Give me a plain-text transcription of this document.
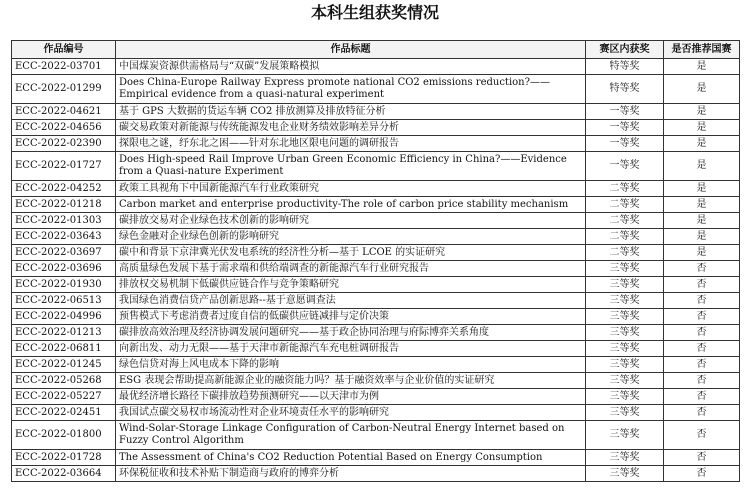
本科生组获奖情况
作品编号	作品标题	赛区内获奖	是否推荐国赛
ECC-2022-03701	中国煤炭资源供需格局与“双碳”发展策略模拟	特等奖	是
ECC-2022-01299	Does China-Europe Railway Express promote national CO2 emissions reduction?——Empirical evidence from a quasi-natural experiment	特等奖	是
ECC-2022-04621	基于 GPS 大数据的货运车辆 CO2 排放测算及排放特征分析	一等奖	是
ECC-2022-04656	碳交易政策对新能源与传统能源发电企业财务绩效影响差异分析	一等奖	是
ECC-2022-02390	探限电之谜，纾东北之困——针对东北地区限电问题的调研报告	一等奖	是
ECC-2022-01727	Does High-speed Rail Improve Urban Green Economic Efficiency in China?——Evidence from a Quasi-nature Experiment	一等奖	是
ECC-2022-04252	政策工具视角下中国新能源汽车行业政策研究	二等奖	是
ECC-2022-01218	Carbon market and enterprise productivity-The role of carbon price stability mechanism	二等奖	是
ECC-2022-01303	碳排放交易对企业绿色技术创新的影响研究	二等奖	是
ECC-2022-03643	绿色金融对企业绿色创新的影响研究	二等奖	是
ECC-2022-03697	碳中和背景下京津冀光伏发电系统的经济性分析—基于 LCOE 的实证研究	二等奖	是
ECC-2022-03696	高质量绿色发展下基于需求端和供给端调查的新能源汽车行业研究报告	三等奖	否
ECC-2022-01930	排放权交易机制下低碳供应链合作与竞争策略研究	三等奖	否
ECC-2022-06513	我国绿色消费信贷产品创新思路--基于意愿调查法	三等奖	否
ECC-2022-04996	预售模式下考虑消费者过度自信的低碳供应链减排与定价决策	三等奖	否
ECC-2022-01213	碳排放高效治理及经济协调发展问题研究——基于政企协同治理与府际博弈关系角度	三等奖	否
ECC-2022-06811	向新出发、动力无限——基于天津市新能源汽车充电桩调研报告	三等奖	否
ECC-2022-01245	绿色信贷对海上风电成本下降的影响	三等奖	否
ECC-2022-05268	ESG 表现会帮助提高新能源企业的融资能力吗？基于融资效率与企业价值的实证研究	三等奖	否
ECC-2022-05227	最优经济增长路径下碳排放趋势预测研究——以天津市为例	三等奖	否
ECC-2022-02451	我国试点碳交易权市场流动性对企业环境责任水平的影响研究	三等奖	否
ECC-2022-01800	Wind-Solar-Storage Linkage Configuration of Carbon-Neutral Energy Internet based on Fuzzy Control Algorithm	三等奖	否
ECC-2022-01728	The Assessment of China's CO2 Reduction Potential Based on Energy Consumption	三等奖	否
ECC-2022-03664	环保税征收和技术补贴下制造商与政府的博弈分析	三等奖	否
